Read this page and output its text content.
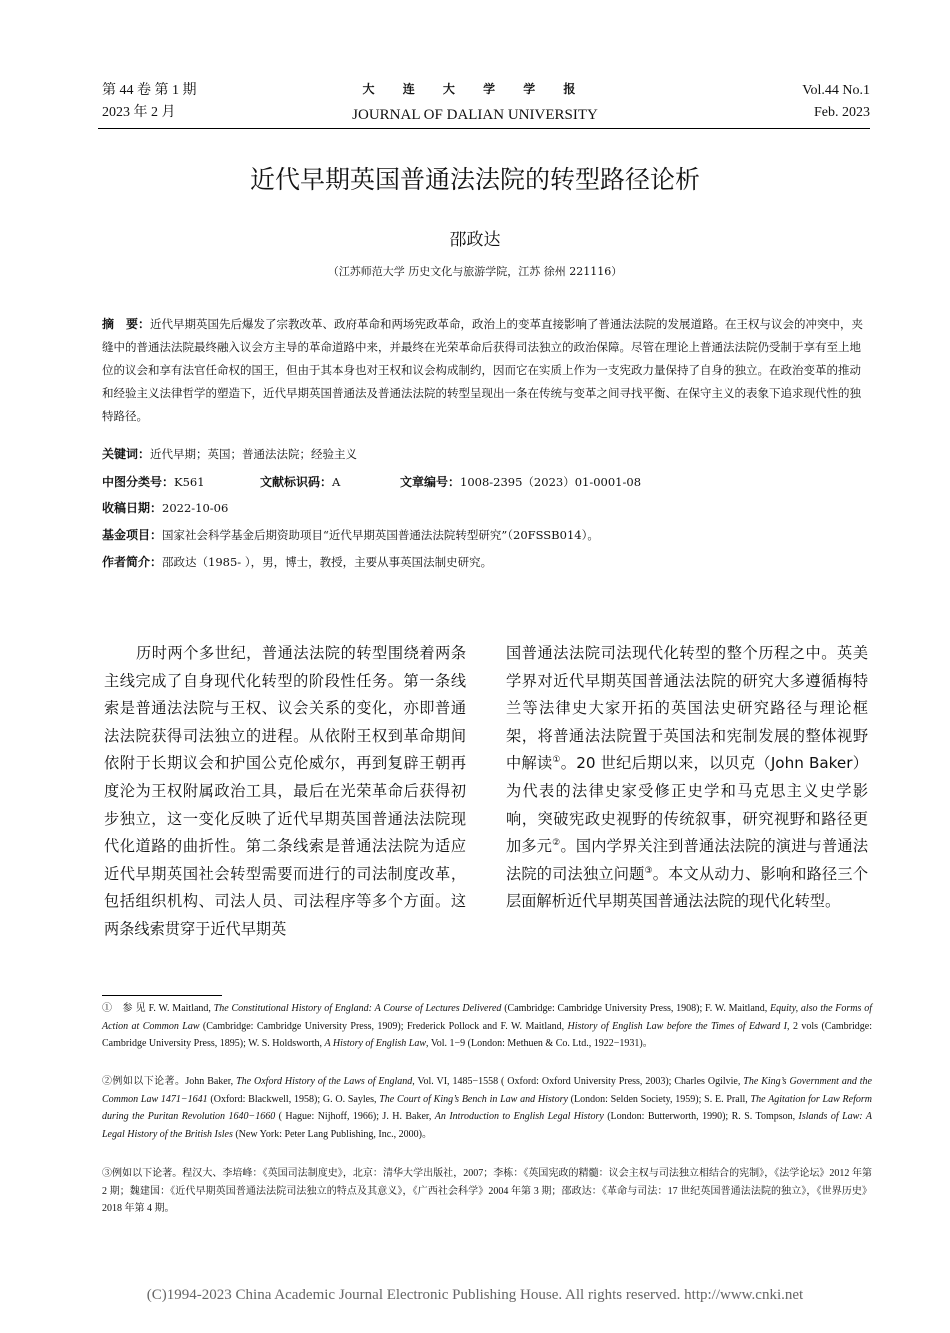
第 44 卷 第 1 期
2023 年 2 月
大 连 大 学 学 报
JOURNAL OF DALIAN UNIVERSITY
Vol.44 No.1
Feb. 2023
近代早期英国普通法法院的转型路径论析
邵政达
（江苏师范大学 历史文化与旅游学院，江苏 徐州 221116）
摘　要：近代早期英国先后爆发了宗教改革、政府革命和两场宪政革命，政治上的变革直接影响了普通法法院的发展道路。在王权与议会的冲突中，夹缝中的普通法法院最终融入议会方主导的革命道路中来，并最终在光荣革命后获得司法独立的政治保障。尽管在理论上普通法法院仍受制于享有至上地位的议会和享有法官任命权的国王，但由于其本身也对王权和议会构成制约，因而它在实质上作为一支宪政力量保持了自身的独立。在政治变革的推动和经验主义法律哲学的塑造下，近代早期英国普通法及普通法法院的转型呈现出一条在传统与变革之间寻找平衡、在保守主义的表象下追求现代性的独特路径。
关键词：近代早期；英国；普通法法院；经验主义
中图分类号：K561	文献标识码：A	文章编号：1008-2395（2023）01-0001-08
收稿日期：2022-10-06
基金项目：国家社会科学基金后期资助项目“近代早期英国普通法法院转型研究”（20FSSB014）。
作者简介：邵政达（1985- ），男，博士，教授，主要从事英国法制史研究。
历时两个多世纪，普通法法院的转型围绕着两条主线完成了自身现代化转型的阶段性任务。第一条线索是普通法法院与王权、议会关系的变化，亦即普通法法院获得司法独立的进程。从依附王权到革命期间依附于长期议会和护国公克伦威尔，再到复辟王朝再度沦为王权附属政治工具，最后在光荣革命后获得初步独立，这一变化反映了近代早期英国普通法法院现代化道路的曲折性。第二条线索是普通法法院为适应近代早期英国社会转型需要而进行的司法制度改革，包括组织机构、司法人员、司法程序等多个方面。这两条线索贯穿于近代早期英
国普通法法院司法现代化转型的整个历程之中。英美学界对近代早期英国普通法法院的研究大多遵循梅特兰等法律史大家开拓的英国法史研究路径与理论框架，将普通法法院置于英国法和宪制发展的整体视野中解读①。20 世纪后期以来，以贝克（John Baker）为代表的法律史家受修正史学和马克思主义史学影响，突破宪政史视野的传统叙事，研究视野和路径更加多元②。国内学界关注到普通法法院的演进与普通法法院的司法独立问题③。本文从动力、影响和路径三个层面解析近代早期英国普通法法院的现代化转型。
①　参 见 F. W. Maitland, The Constitutional History of England: A Course of Lectures Delivered (Cambridge: Cambridge University Press, 1908); F. W. Maitland, Equity, also the Forms of Action at Common Law (Cambridge: Cambridge University Press, 1909); Frederick Pollock and F. W. Maitland, History of English Law before the Times of Edward I, 2 vols (Cambridge: Cambridge University Press, 1895); W. S. Holdsworth, A History of English Law, Vol. 1−9 (London: Methuen & Co. Ltd., 1922−1931)。
②例如以下论著。John Baker, The Oxford History of the Laws of England, Vol. VI, 1485−1558 ( Oxford: Oxford University Press, 2003); Charles Ogilvie, The King’s Government and the Common Law 1471−1641 (Oxford: Blackwell, 1958); G. O. Sayles, The Court of King’s Bench in Law and History (London: Selden Society, 1959); S. E. Prall, The Agitation for Law Reform during the Puritan Revolution 1640−1660 ( Hague: Nijhoff, 1966); J. H. Baker, An Introduction to English Legal History (London: Butterworth, 1990); R. S. Tompson, Islands of Law: A Legal History of the British Isles (New York: Peter Lang Publishing, Inc., 2000)。
③例如以下论著。程汉大、李培峰：《英国司法制度史》，北京：清华大学出版社，2007；李栋：《英国宪政的精髓：议会主权与司法独立相结合的宪制》，《法学论坛》2012 年第 2 期；魏建国：《近代早期英国普通法法院司法独立的特点及其意义》，《广西社会科学》2004 年第 3 期；邵政达：《革命与司法：17 世纪英国普通法法院的独立》，《世界历史》2018 年第 4 期。
(C)1994-2023 China Academic Journal Electronic Publishing House. All rights reserved. http://www.cnki.net
